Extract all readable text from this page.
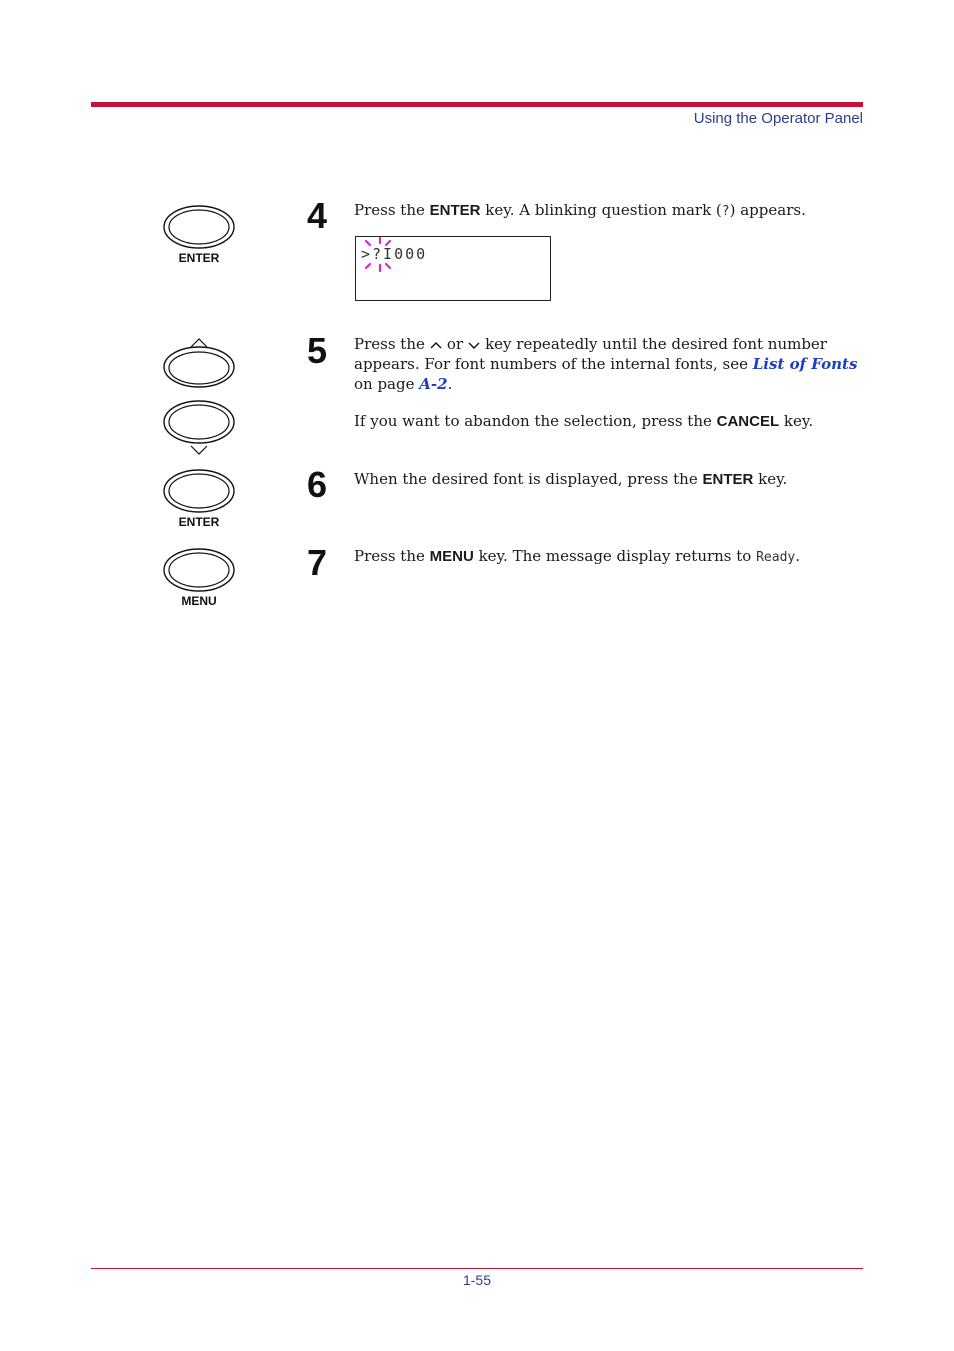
Using the Operator Panel
ENTER
ENTER
MENU
4 Press the ENTER key. A blinking question mark (?) appears.
>?I000
5 Press the or key repeatedly until the desired font number appears. For font numbers of the internal fonts, see List of Fonts on page A-2.
If you want to abandon the selection, press the CANCEL key.
6 When the desired font is displayed, press the ENTER key.
7 Press the MENU key. The message display returns to Ready.
1-55
